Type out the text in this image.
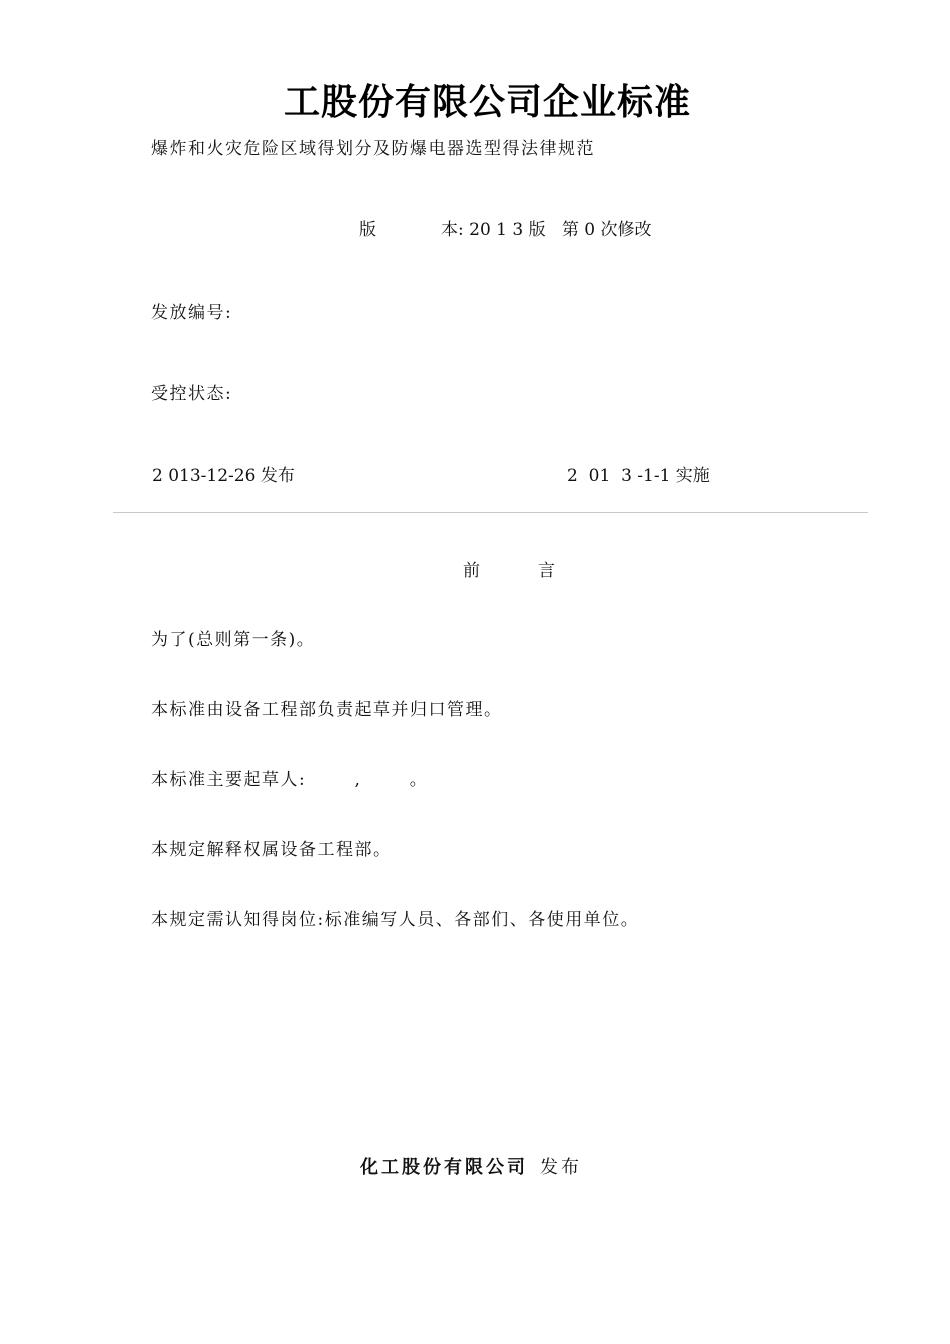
工股份有限公司企业标准
爆炸和火灾危险区域得划分及防爆电器选型得法律规范
版	本: 20 1 3 版   第 0 次修改
发放编号:
受控状态:
2 013-12-26 发布	2  01  3 -1-1 实施
前	言
为了(总则第一条)。
本标准由设备工程部负责起草并归口管理。
本标准主要起草人:       ,       。
本规定解释权属设备工程部。
本规定需认知得岗位:标准编写人员、各部们、各使用单位。
化工股份有限公司 发布
